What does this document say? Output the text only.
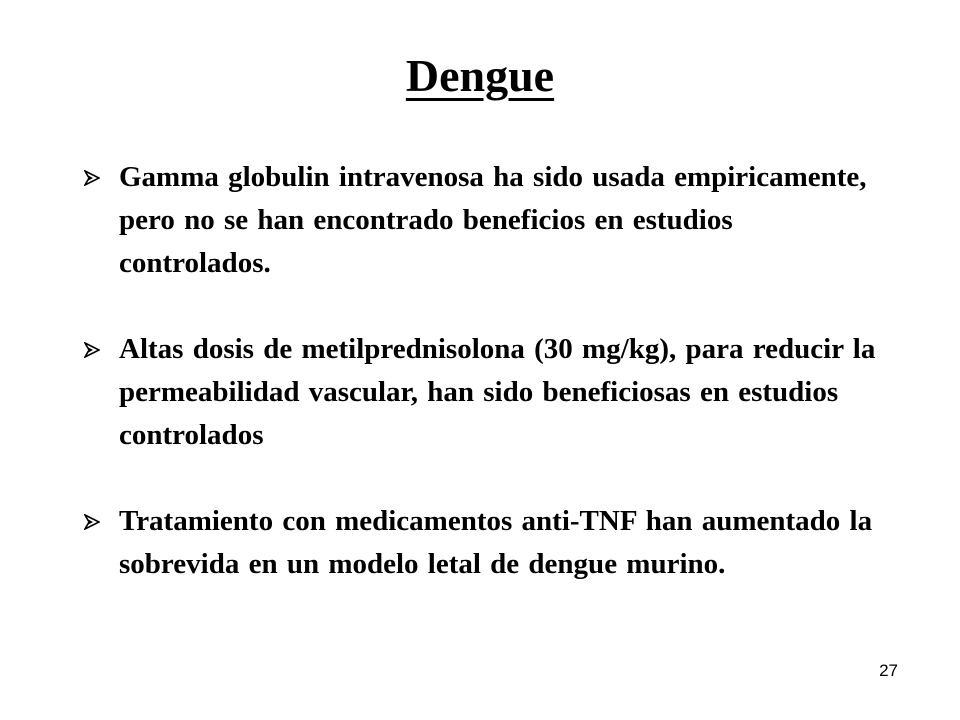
Dengue
Gamma globulin intravenosa ha sido usada empiricamente, pero no se han encontrado beneficios en estudios controlados.
Altas dosis de metilprednisolona (30 mg/kg), para reducir la permeabilidad vascular, han sido beneficiosas en estudios controlados
Tratamiento con medicamentos anti-TNF han aumentado la sobrevida en un modelo letal de dengue murino.
27
